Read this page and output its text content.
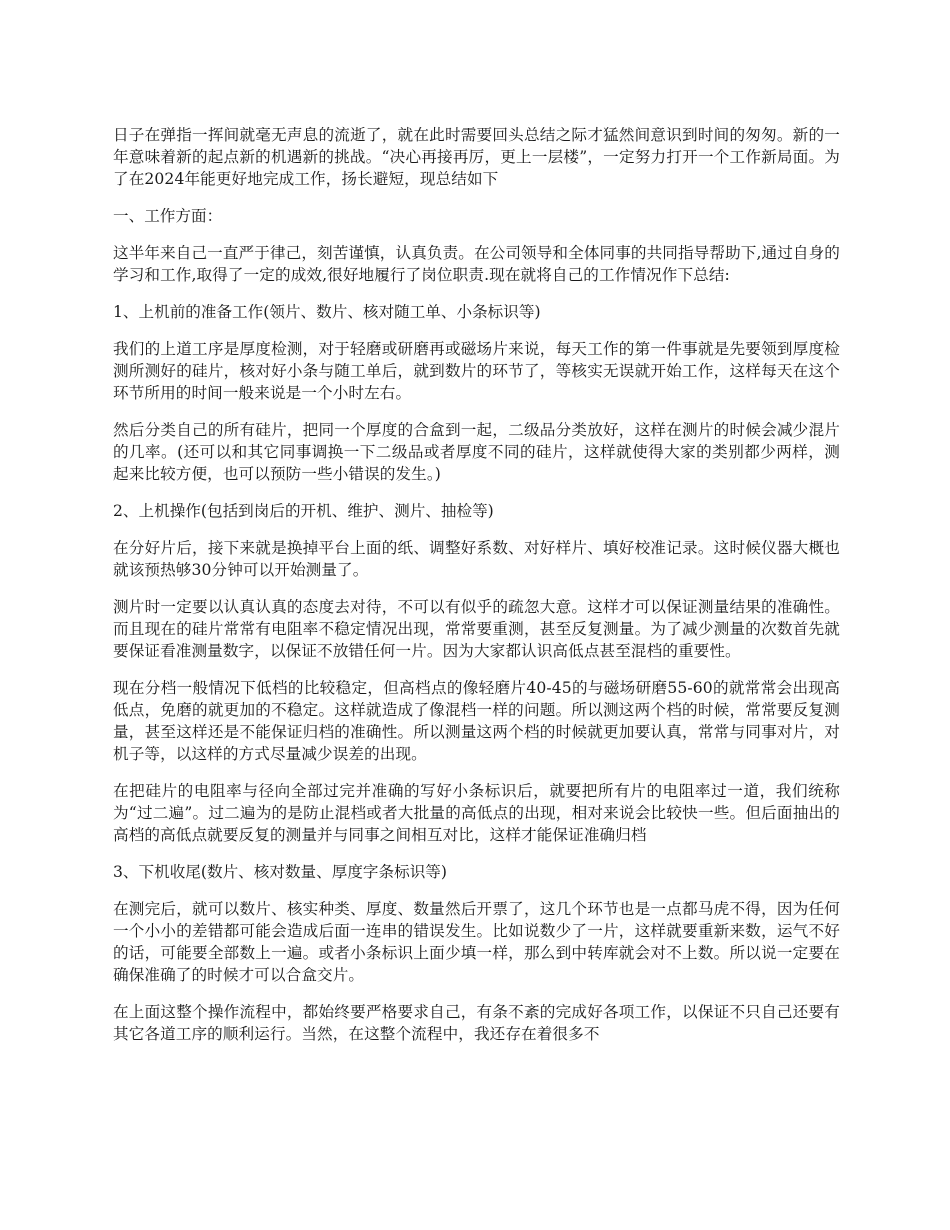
日子在弹指一挥间就毫无声息的流逝了，就在此时需要回头总结之际才猛然间意识到时间的匆匆。新的一年意味着新的起点新的机遇新的挑战。“决心再接再厉，更上一层楼”，一定努力打开一个工作新局面。为了在2024年能更好地完成工作，扬长避短，现总结如下

一、工作方面：

这半年来自己一直严于律己，刻苦谨慎，认真负责。在公司领导和全体同事的共同指导帮助下,通过自身的学习和工作,取得了一定的成效,很好地履行了岗位职责.现在就将自己的工作情况作下总结:

1、上机前的准备工作(领片、数片、核对随工单、小条标识等)

我们的上道工序是厚度检测，对于轻磨或研磨再或磁场片来说，每天工作的第一件事就是先要领到厚度检测所测好的硅片，核对好小条与随工单后，就到数片的环节了，等核实无误就开始工作，这样每天在这个环节所用的时间一般来说是一个小时左右。

然后分类自己的所有硅片，把同一个厚度的合盒到一起，二级品分类放好，这样在测片的时候会减少混片的几率。(还可以和其它同事调换一下二级品或者厚度不同的硅片，这样就使得大家的类别都少两样，测起来比较方便，也可以预防一些小错误的发生。)

2、上机操作(包括到岗后的开机、维护、测片、抽检等)

在分好片后，接下来就是换掉平台上面的纸、调整好系数、对好样片、填好校准记录。这时候仪器大概也就该预热够30分钟可以开始测量了。

测片时一定要以认真认真的态度去对待，不可以有似乎的疏忽大意。这样才可以保证测量结果的准确性。而且现在的硅片常常有电阻率不稳定情况出现，常常要重测，甚至反复测量。为了减少测量的次数首先就要保证看准测量数字，以保证不放错任何一片。因为大家都认识高低点甚至混档的重要性。

现在分档一般情况下低档的比较稳定，但高档点的像轻磨片40-45的与磁场研磨55-60的就常常会出现高低点，免磨的就更加的不稳定。这样就造成了像混档一样的问题。所以测这两个档的时候，常常要反复测量，甚至这样还是不能保证归档的准确性。所以测量这两个档的时候就更加要认真，常常与同事对片，对机子等，以这样的方式尽量减少误差的出现。

在把硅片的电阻率与径向全部过完并准确的写好小条标识后，就要把所有片的电阻率过一道，我们统称为“过二遍”。过二遍为的是防止混档或者大批量的高低点的出现，相对来说会比较快一些。但后面抽出的高档的高低点就要反复的测量并与同事之间相互对比，这样才能保证准确归档

3、下机收尾(数片、核对数量、厚度字条标识等)

在测完后，就可以数片、核实种类、厚度、数量然后开票了，这几个环节也是一点都马虎不得，因为任何一个小小的差错都可能会造成后面一连串的错误发生。比如说数少了一片，这样就要重新来数，运气不好的话，可能要全部数上一遍。或者小条标识上面少填一样，那么到中转库就会对不上数。所以说一定要在确保准确了的时候才可以合盒交片。

在上面这整个操作流程中，都始终要严格要求自己，有条不紊的完成好各项工作，以保证不只自己还要有其它各道工序的顺利运行。当然，在这整个流程中，我还存在着很多不
